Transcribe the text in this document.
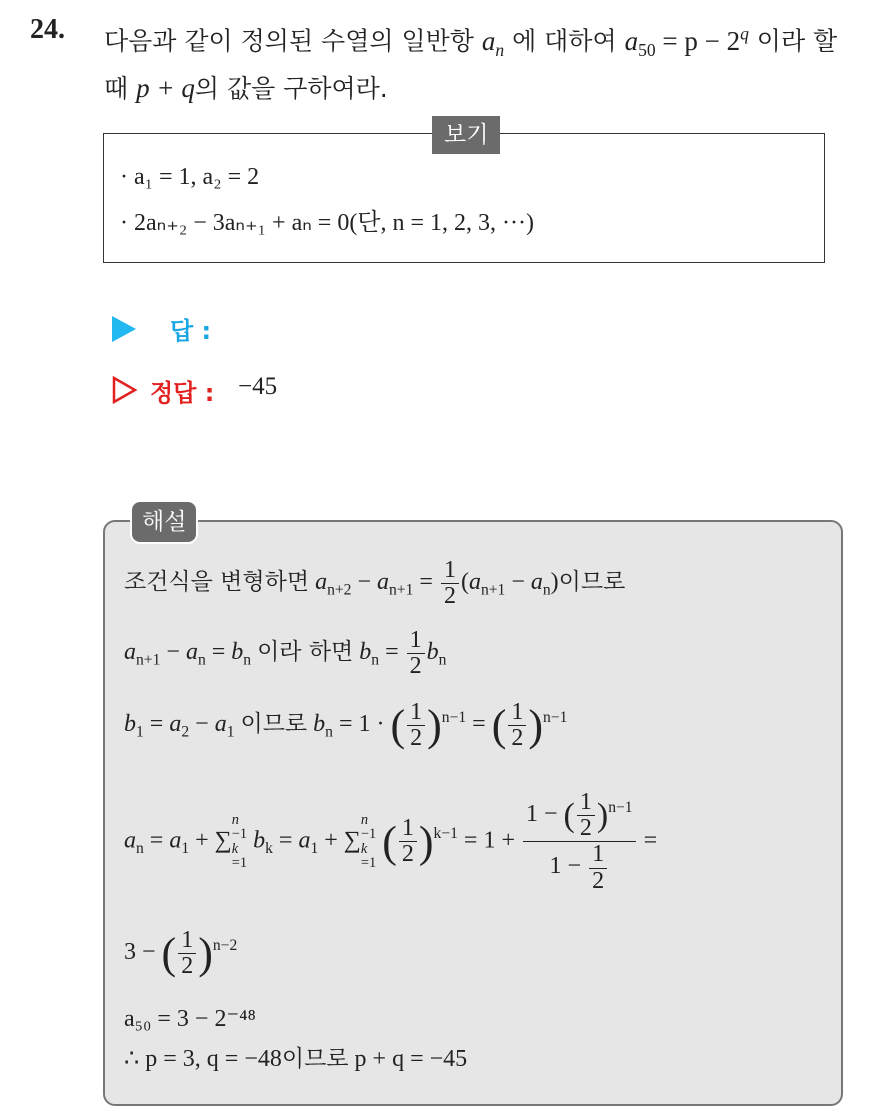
24. 다음과 같이 정의된 수열의 일반항 $a_n$ 에 대하여 $a_{50} = p - 2^q$ 이라 할 때 p + q의 값을 구하여라.
보기
· a₁ = 1, a₂ = 2
· 2aₙ₊₂ − 3aₙ₊₁ + aₙ = 0(단, n = 1, 2, 3, ···)
답 :
정답 : −45
해설
조건식을 변형하면 $a_{n+2} - a_{n+1} = \frac{1}{2} (a_{n+1} - a_n)$이므로
$a_{n+1} - a_n = b_n$ 이라 하면 $b_n = \frac{1}{2} b_n$
$b_1 = a_2 - a_1$ 이므로 $b_n = 1$ · ( $\frac{1}{2} )^{n-1}$ = ( $\frac{1}{2} )^{n-1}$
$a_n = a_1$ + ∑
n
−1
k
=1 $b_k = a_1$ + ∑
n
−1
k
=1 ( $\frac{1}{2} )^{k-1} = 1 + \frac{1 - ( \frac{1}{2} )^{n-1}}{1 - \frac{1}{2}}$ =
3 − ( $\frac{1}{2} )^{n-2}$
a₅₀ = 3 − 2⁻⁴⁸
∴ p = 3, q = −48이므로 p + q = −45
